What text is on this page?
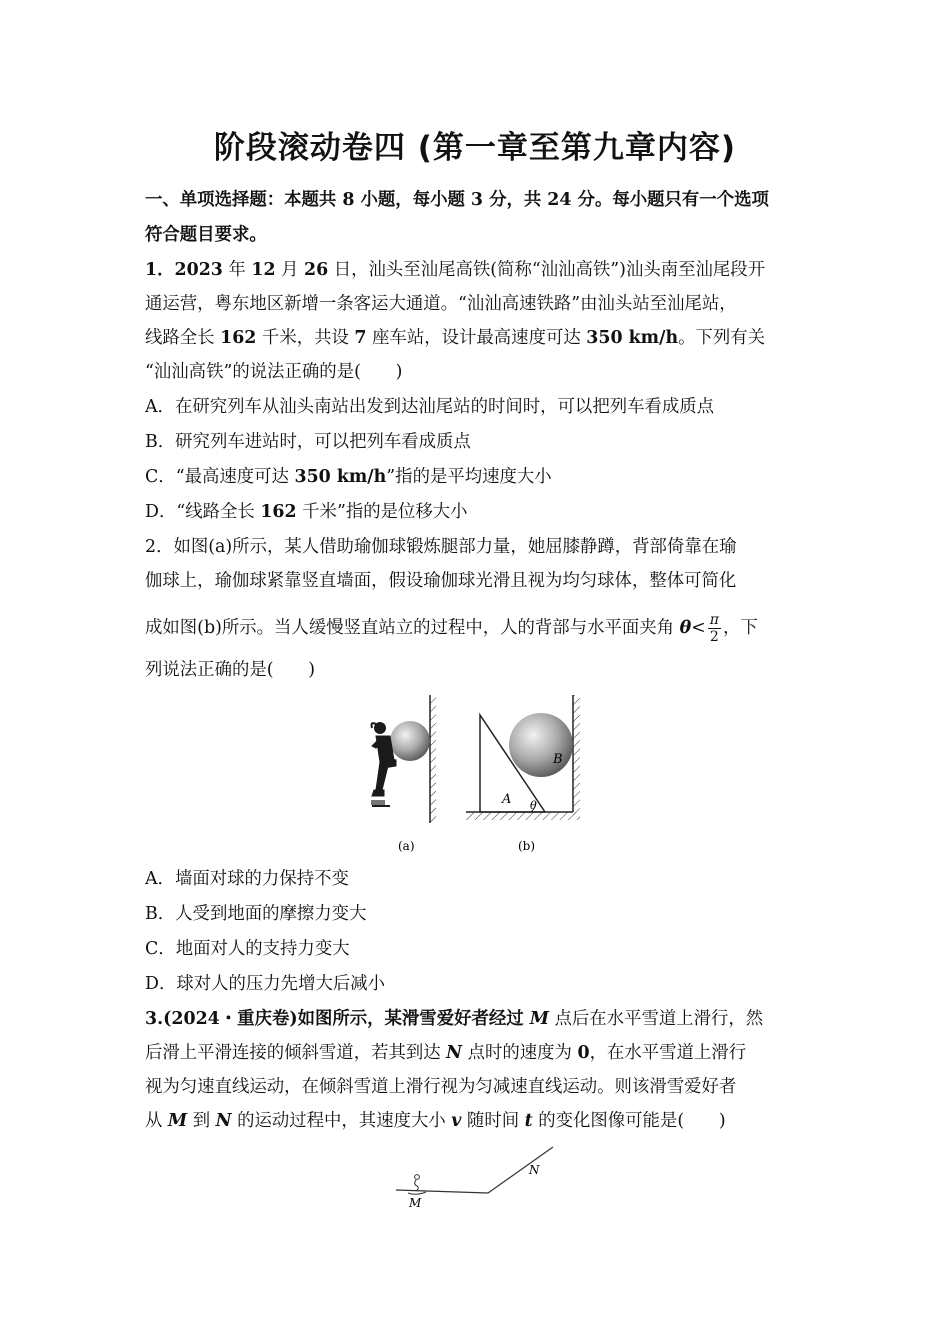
阶段滚动卷四 (第一章至第九章内容)
一、单项选择题：本题共 8 小题，每小题 3 分，共 24 分。每小题只有一个选项
符合题目要求。
1．2023 年 12 月 26 日，汕头至汕尾高铁(简称“汕汕高铁”)汕头南至汕尾段开
通运营，粤东地区新增一条客运大通道。“汕汕高速铁路”由汕头站至汕尾站，
线路全长 162 千米，共设 7 座车站，设计最高速度可达 350 km/h。下列有关
“汕汕高铁”的说法正确的是(　　)
A．在研究列车从汕头南站出发到达汕尾站的时间时，可以把列车看成质点
B．研究列车进站时，可以把列车看成质点
C．“最高速度可达 350 km/h”指的是平均速度大小
D．“线路全长 162 千米”指的是位移大小
2．如图(a)所示，某人借助瑜伽球锻炼腿部力量，她屈膝静蹲，背部倚靠在瑜
伽球上，瑜伽球紧靠竖直墙面，假设瑜伽球光滑且视为均匀球体，整体可简化
成如图(b)所示。当人缓慢竖直站立的过程中，人的背部与水平面夹角 $\theta< \frac{\pi}{2}$ ，下
列说法正确的是(　　)
B
A θ
(a)	(b)
A．墙面对球的力保持不变
B．人受到地面的摩擦力变大
C．地面对人的支持力变大
D．球对人的压力先增大后减小
3.(2024・重庆卷)如图所示，某滑雪爱好者经过 M 点后在水平雪道上滑行，然
后滑上平滑连接的倾斜雪道，若其到达 N 点时的速度为 0，在水平雪道上滑行
视为匀速直线运动，在倾斜雪道上滑行视为匀减速直线运动。则该滑雪爱好者
从 M 到 N 的运动过程中，其速度大小 v 随时间 t 的变化图像可能是(　　)
M
N
